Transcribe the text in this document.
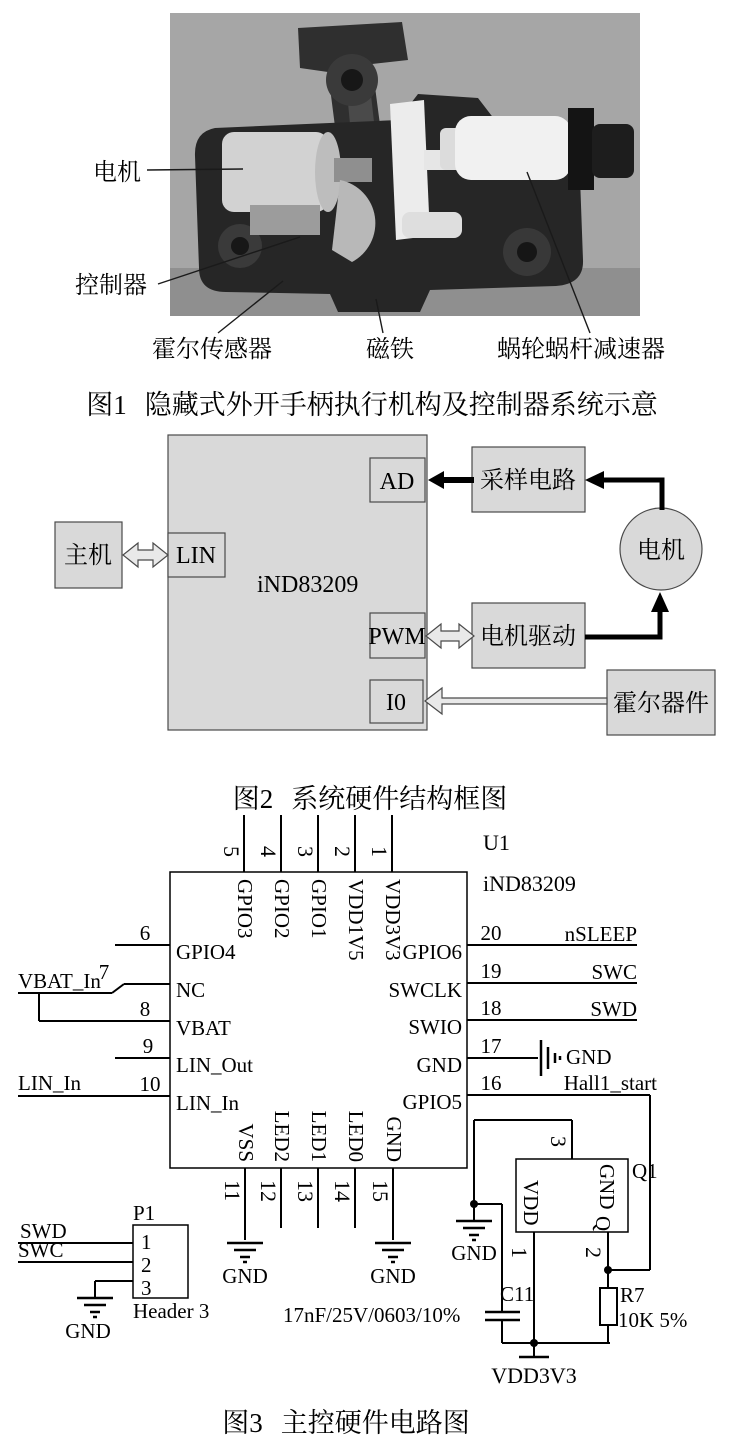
电机
控制器
霍尔传感器	磁铁	蜗轮蜗杆减速器
图1 隐藏式外开手柄执行机构及控制器系统示意
iND83209
主机	LIN
AD	采样电路
电机
PWM 电机驱动
I0	霍尔器件
图2 系统硬件结构框图
U1
iND83209
5 4 3 2 1
GPIO3 GPIO2 GPIO1 VDD1V5 VDD3V3
6
7
8
9
10
GPIO4
NC
VBAT
LIN_Out
LIN_In
VBAT_In
LIN_In
20
19
18
17
16
GPIO6
SWCLK
SWIO
GND
GPIO5
nSLEEP
SWC
SWD
GND
Hall1_start
11 12 13 14 15
VSS LED2 LED1 LED0 GND
GND	GND
SWD
SWC
P1
1
2
3
GND
Header 3
Q1
VDD GND
Q
3
1 2
GND
C11
17nF/25V/0603/10%
R7
10K 5%
VDD3V3
图3 主控硬件电路图
